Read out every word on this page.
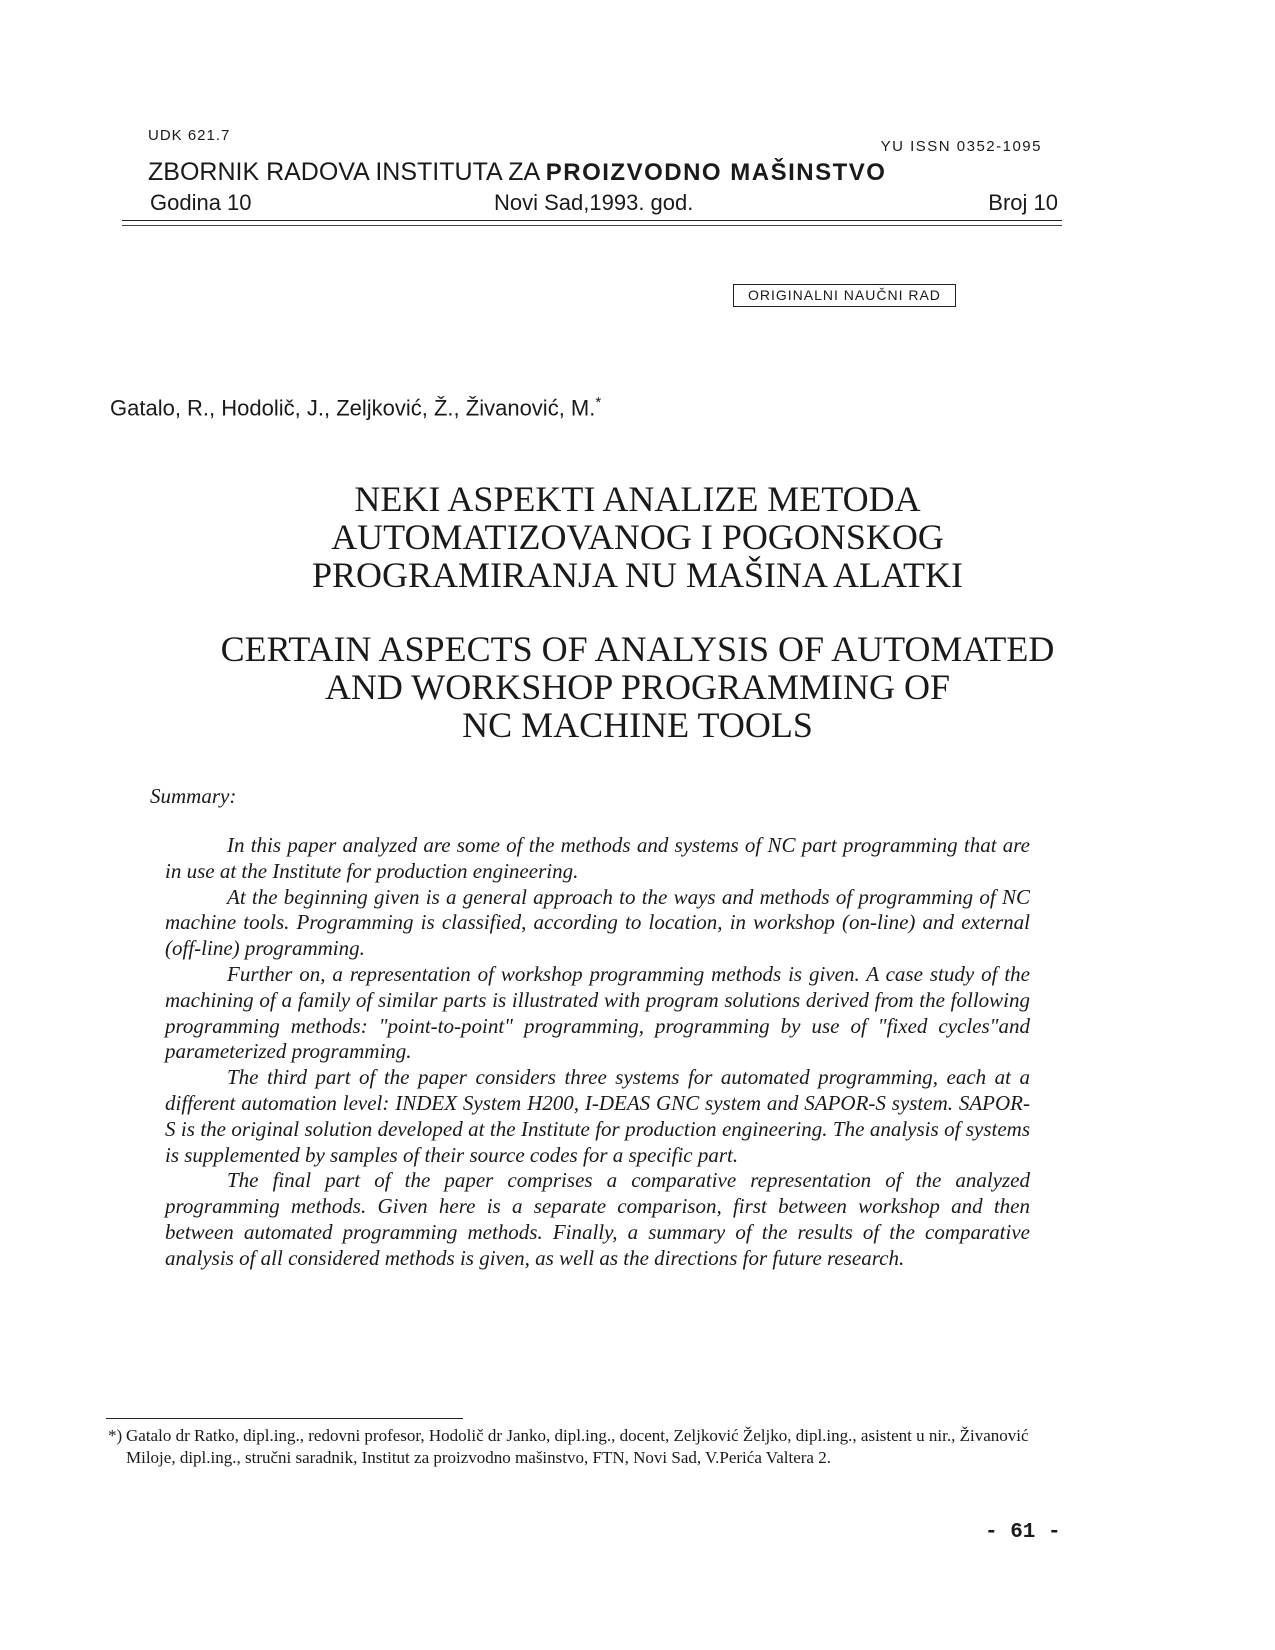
UDK 621.7
YU ISSN 0352-1095
ZBORNIK RADOVA INSTITUTA ZA PROIZVODNO MAŠINSTVO
Godina 10	Novi Sad,1993. god.	Broj 10
ORIGINALNI NAUČNI RAD
Gatalo, R., Hodolič, J., Zeljković, Ž., Živanović, M.*
NEKI ASPEKTI ANALIZE METODA
AUTOMATIZOVANOG I POGONSKOG
PROGRAMIRANJA NU MAŠINA ALATKI
CERTAIN ASPECTS OF ANALYSIS OF AUTOMATED
AND WORKSHOP PROGRAMMING OF
NC MACHINE TOOLS
Summary:

In this paper analyzed are some of the methods and systems of NC part programming that are in use at the Institute for production engineering.

At the beginning given is a general approach to the ways and methods of programming of NC machine tools. Programming is classified, according to location, in workshop (on-line) and external (off-line) programming.

Further on, a representation of workshop programming methods is given. A case study of the machining of a family of similar parts is illustrated with program solutions derived from the following programming methods: "point-to-point" programming, programming by use of "fixed cycles"and parameterized programming.

The third part of the paper considers three systems for automated programming, each at a different automation level: INDEX System H200, I-DEAS GNC system and SAPOR-S system. SAPOR-S is the original solution developed at the Institute for production engineering. The analysis of systems is supplemented by samples of their source codes for a specific part.

The final part of the paper comprises a comparative representation of the analyzed programming methods. Given here is a separate comparison, first between workshop and then between automated programming methods. Finally, a summary of the results of the comparative analysis of all considered methods is given, as well as the directions for future research.

*) Gatalo dr Ratko, dipl.ing., redovni profesor, Hodolič dr Janko, dipl.ing., docent, Zeljković Željko, dipl.ing., asistent u nir., Živanović Miloje, dipl.ing., stručni saradnik, Institut za proizvodno mašinstvo, FTN, Novi Sad, V.Perića Valtera 2.
- 61 -
